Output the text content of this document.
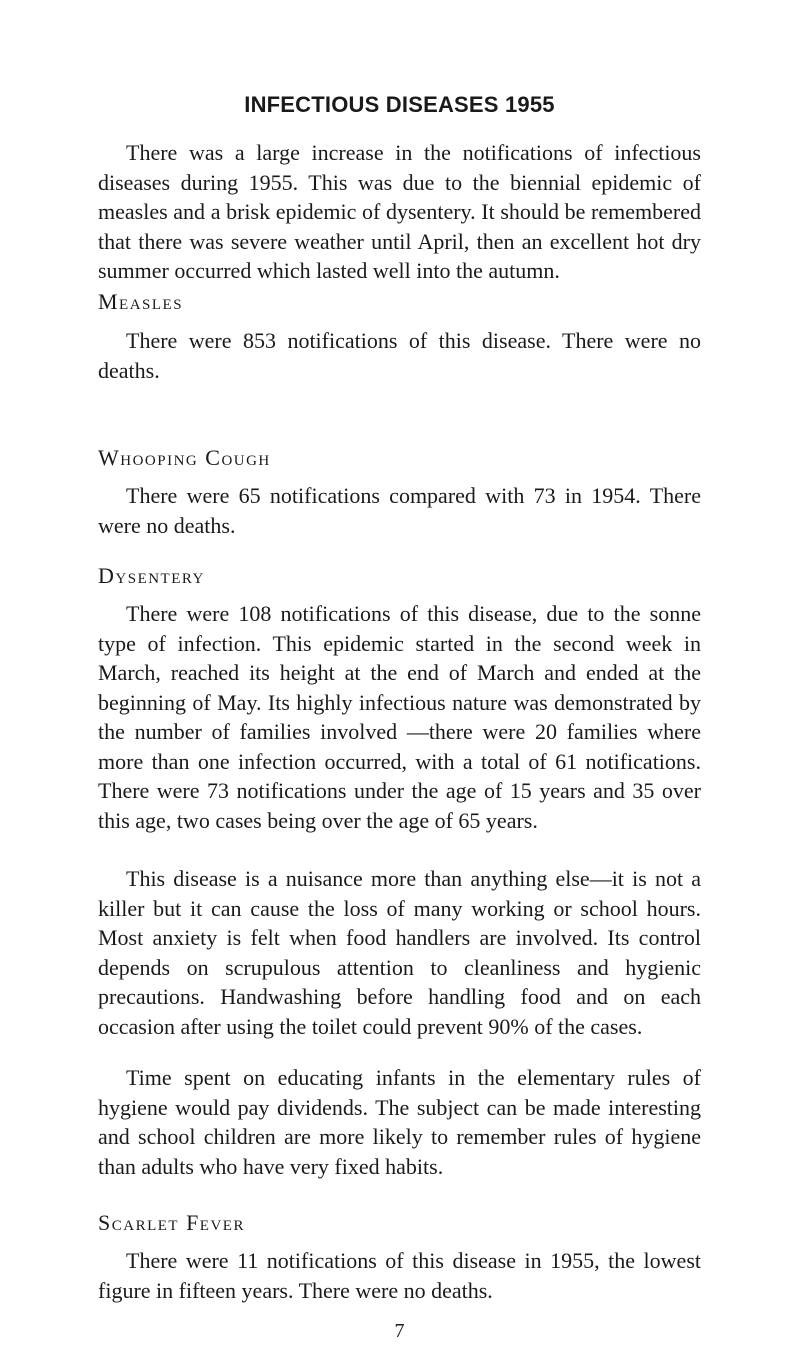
INFECTIOUS DISEASES 1955

There was a large increase in the notifications of infectious diseases during 1955. This was due to the biennial epidemic of measles and a brisk epidemic of dysentery. It should be remembered that there was severe weather until April, then an excellent hot dry summer occurred which lasted well into the autumn.

Measles

There were 853 notifications of this disease. There were no deaths.

Whooping Cough

There were 65 notifications compared with 73 in 1954. There were no deaths.

Dysentery

There were 108 notifications of this disease, due to the sonne type of infection. This epidemic started in the second week in March, reached its height at the end of March and ended at the beginning of May. Its highly infectious nature was demonstrated by the number of families involved —there were 20 families where more than one infection occurred, with a total of 61 notifications. There were 73 notifications under the age of 15 years and 35 over this age, two cases being over the age of 65 years.

This disease is a nuisance more than anything else—it is not a killer but it can cause the loss of many working or school hours. Most anxiety is felt when food handlers are involved. Its control depends on scrupulous attention to cleanliness and hygienic precautions. Handwashing before handling food and on each occasion after using the toilet could prevent 90% of the cases.

Time spent on educating infants in the elementary rules of hygiene would pay dividends. The subject can be made interesting and school children are more likely to remember rules of hygiene than adults who have very fixed habits.

Scarlet Fever

There were 11 notifications of this disease in 1955, the lowest figure in fifteen years. There were no deaths.

7
